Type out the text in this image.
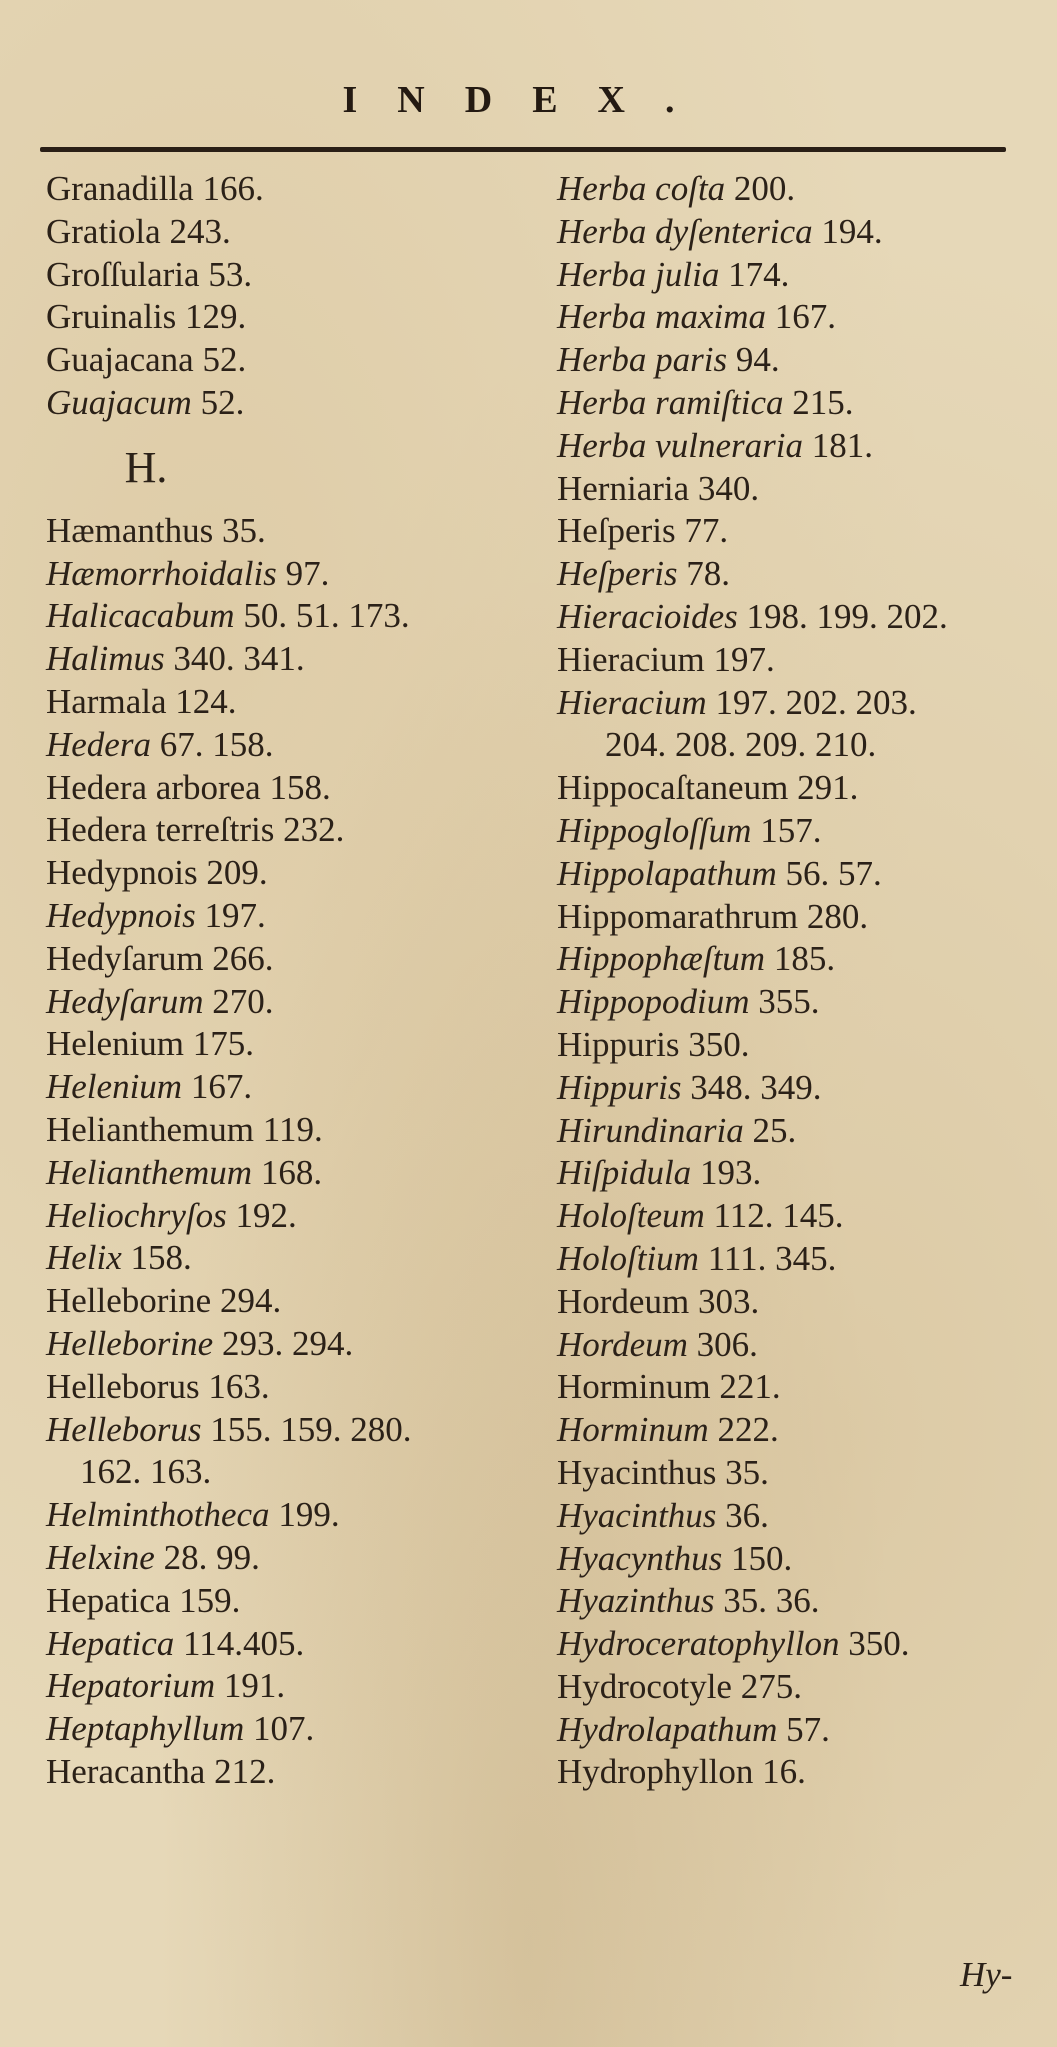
INDEX.
Granadilla 166.
Gratiola 243.
Groſſularia 53.
Gruinalis 129.
Guajacana 52.
Guajacum 52.
H.
Hæmanthus 35.
Hæmorrhoidalis 97.
Halicacabum 50. 51. 173.
Halimus 340. 341.
Harmala 124.
Hedera 67. 158.
Hedera arborea 158.
Hedera terreſtris 232.
Hedypnois 209.
Hedypnois 197.
Hedyſarum 266.
Hedyſarum 270.
Helenium 175.
Helenium 167.
Helianthemum 119.
Helianthemum 168.
Heliochryſos 192.
Helix 158.
Helleborine 294.
Helleborine 293. 294.
Helleborus 163.
Helleborus 155. 159. 280.
162. 163.
Helminthotheca 199.
Helxine 28. 99.
Hepatica 159.
Hepatica 114.405.
Hepatorium 191.
Heptaphyllum 107.
Heracantha 212.
Herba coſta 200.
Herba dyſenterica 194.
Herba julia 174.
Herba maxima 167.
Herba paris 94.
Herba ramiſtica 215.
Herba vulneraria 181.
Herniaria 340.
Heſperis 77.
Heſperis 78.
Hieracioides 198. 199. 202.
Hieracium 197.
Hieracium 197. 202. 203.
204. 208. 209. 210.
Hippocaſtaneum 291.
Hippogloſſum 157.
Hippolapathum 56. 57.
Hippomarathrum 280.
Hippophæſtum 185.
Hippopodium 355.
Hippuris 350.
Hippuris 348. 349.
Hirundinaria 25.
Hiſpidula 193.
Holoſteum 112. 145.
Holoſtium 111. 345.
Hordeum 303.
Hordeum 306.
Horminum 221.
Horminum 222.
Hyacinthus 35.
Hyacinthus 36.
Hyacynthus 150.
Hyazinthus 35. 36.
Hydroceratophyllon 350.
Hydrocotyle 275.
Hydrolapathum 57.
Hydrophyllon 16.
Hy-
